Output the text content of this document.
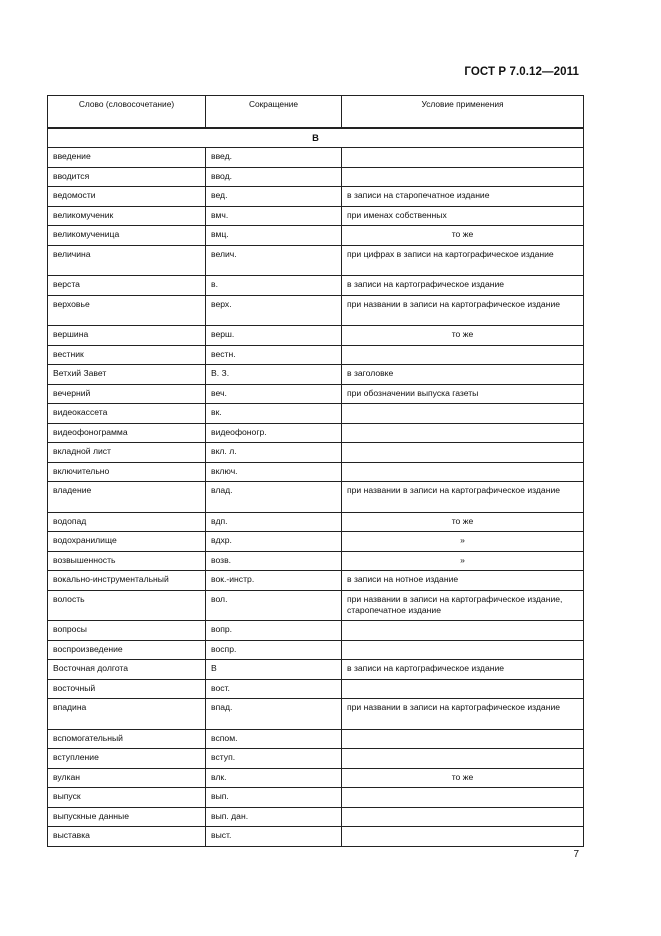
ГОСТ Р 7.0.12—2011
Слово (словосочетание)	Сокращение	Условие применения
В		
введение	введ.	
вводится	ввод.	
ведомости	вед.	в записи на старопечатное издание
великомученик	вмч.	при именах собственных
великомученица	вмц.	то же
величина	велич.	при цифрах в записи на картографическое издание
верста	в.	в записи на картографическое издание
верховье	верх.	при названии в записи на картографическое издание
вершина	верш.	то же
вестник	вестн.	
Ветхий Завет	В. З.	в заголовке
вечерний	веч.	при обозначении выпуска газеты
видеокассета	вк.	
видеофонограмма	видеофоногр.	
вкладной лист	вкл. л.	
включительно	включ.	
владение	влад.	при названии в записи на картографическое издание
водопад	вдп.	то же
водохранилище	вдхр.	»
возвышенность	возв.	»
вокально-инструментальный	вок.-инстр.	в записи на нотное издание
волость	вол.	при названии в записи на картографическое издание, старопечатное издание
вопросы	вопр.	
воспроизведение	воспр.	
Восточная долгота	В	в записи на картографическое издание
восточный	вост.	
впадина	впад.	при названии в записи на картографическое издание
вспомогательный	вспом.	
вступление	вступ.	
вулкан	влк.	то же
выпуск	вып.	
выпускные данные	вып. дан.	
выставка	выст.	
7
